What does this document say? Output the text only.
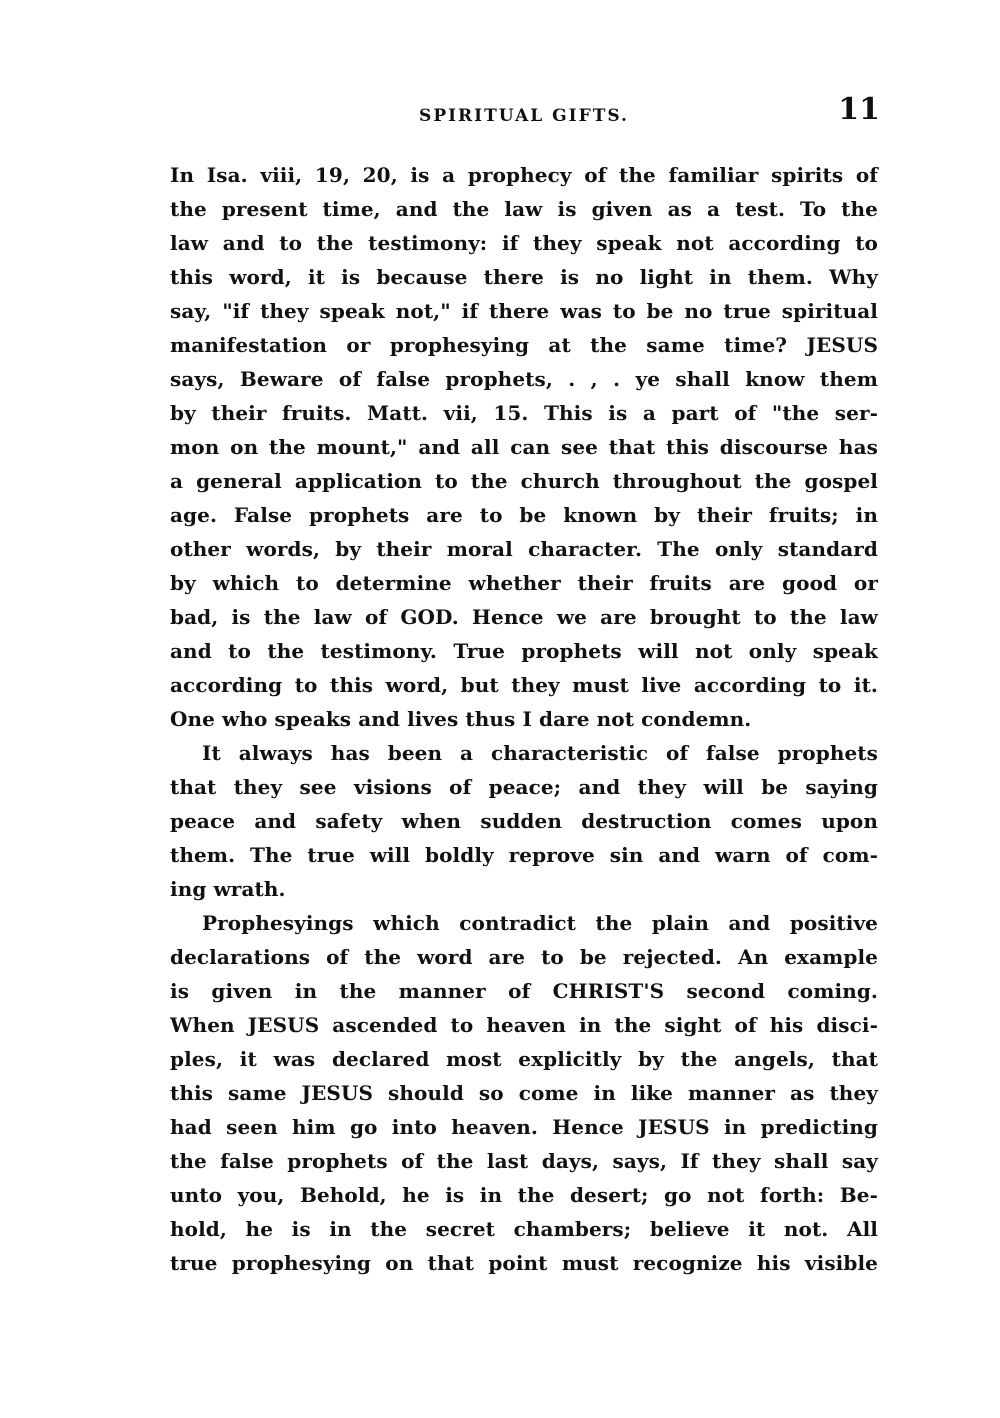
SPIRITUAL GIFTS.	11

In Isa. viii, 19, 20, is a prophecy of the familiar spirits of
the present time, and the law is given as a test. To the
law and to the testimony: if they speak not according to
this word, it is because there is no light in them. Why
say, "if they speak not," if there was to be no true spiritual
manifestation or prophesying at the same time? JESUS
says, Beware of false prophets, . , . ye shall know them
by their fruits. Matt. vii, 15. This is a part of "the ser-
mon on the mount," and all can see that this discourse has
a general application to the church throughout the gospel
age. False prophets are to be known by their fruits; in
other words, by their moral character. The only standard
by which to determine whether their fruits are good or
bad, is the law of GOD. Hence we are brought to the law
and to the testimony. True prophets will not only speak
according to this word, but they must live according to it.
One who speaks and lives thus I dare not condemn.

It always has been a characteristic of false prophets
that they see visions of peace; and they will be saying
peace and safety when sudden destruction comes upon
them. The true will boldly reprove sin and warn of com-
ing wrath.

Prophesyings which contradict the plain and positive
declarations of the word are to be rejected. An example
is given in the manner of CHRIST'S second coming.
When JESUS ascended to heaven in the sight of his disci-
ples, it was declared most explicitly by the angels, that
this same JESUS should so come in like manner as they
had seen him go into heaven. Hence JESUS in predicting
the false prophets of the last days, says, If they shall say
unto you, Behold, he is in the desert; go not forth: Be-
hold, he is in the secret chambers; believe it not. All
true prophesying on that point must recognize his visible
